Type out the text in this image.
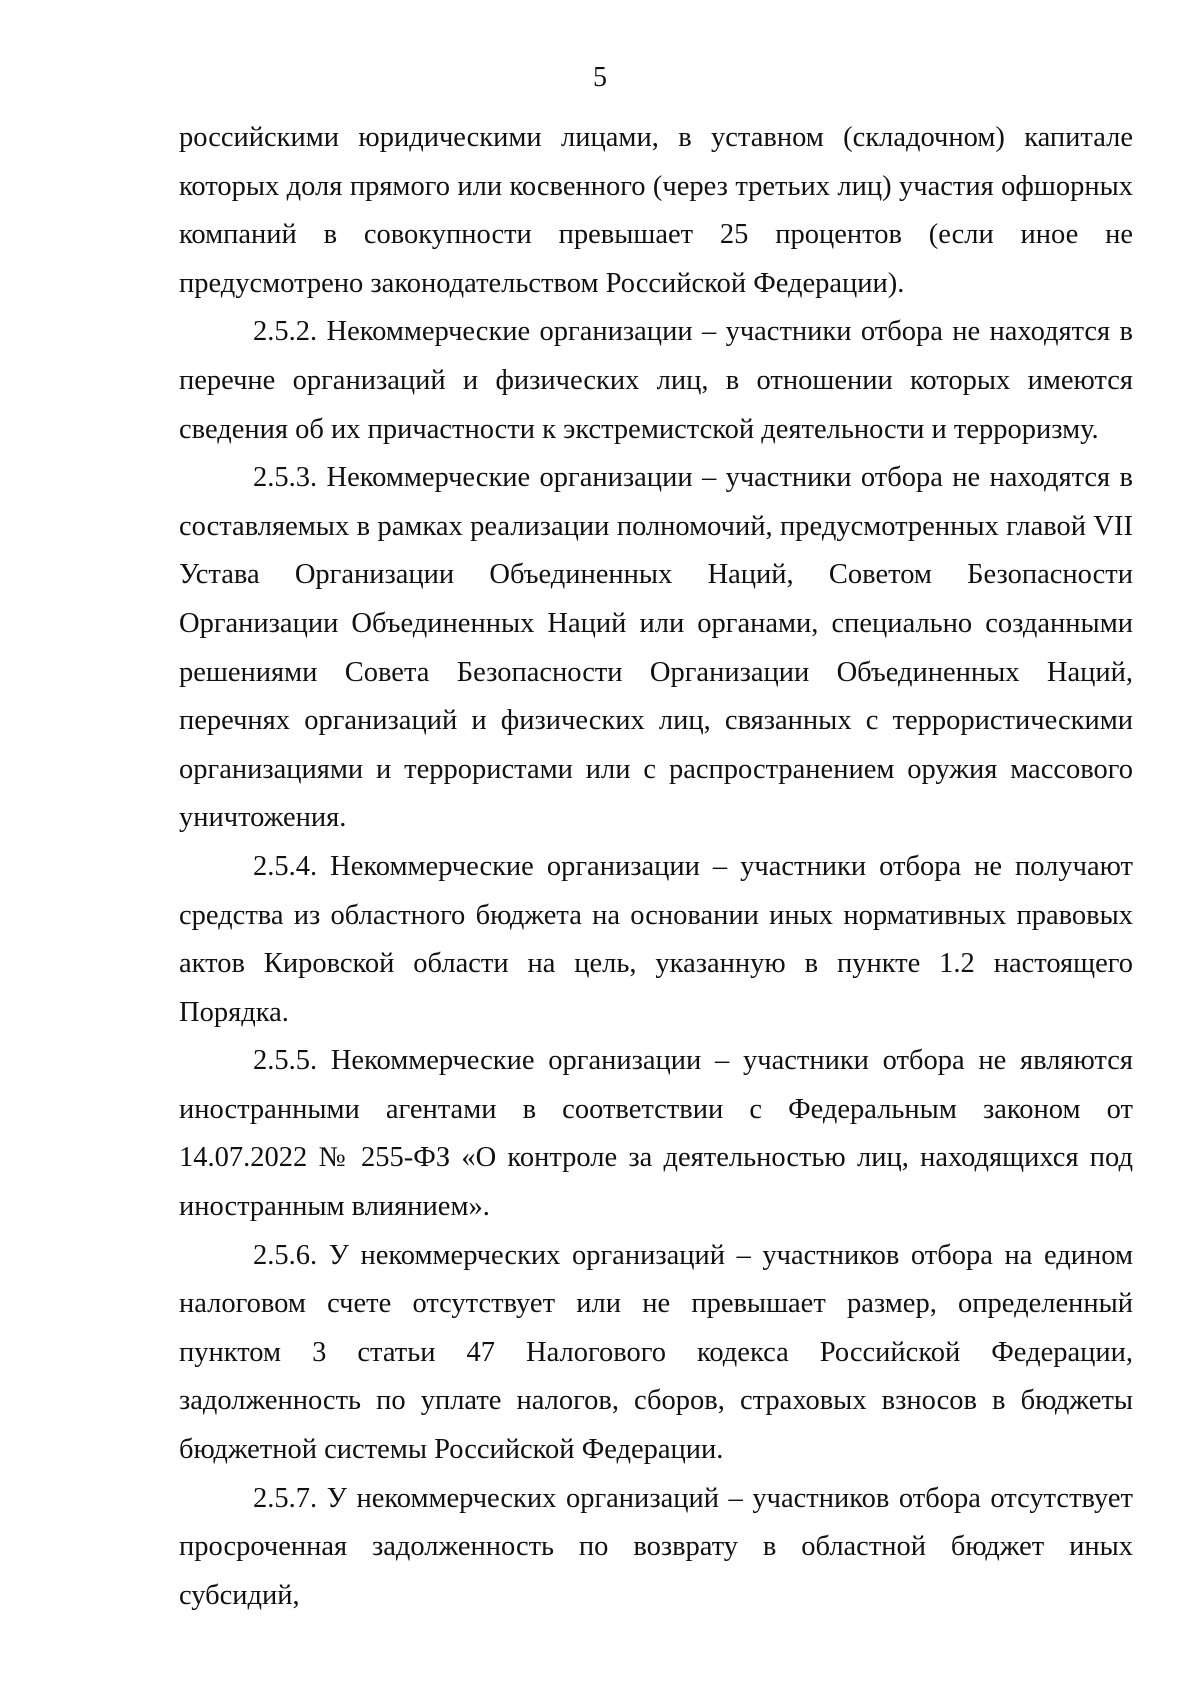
5

российскими юридическими лицами, в уставном (складочном) капитале которых доля прямого или косвенного (через третьих лиц) участия офшорных компаний в совокупности превышает 25 процентов (если иное не предусмотрено законодательством Российской Федерации).

2.5.2. Некоммерческие организации – участники отбора не находятся в перечне организаций и физических лиц, в отношении которых имеются сведения об их причастности к экстремистской деятельности и терроризму.

2.5.3. Некоммерческие организации – участники отбора не находятся в составляемых в рамках реализации полномочий, предусмотренных главой VII Устава Организации Объединенных Наций, Советом Безопасности Организации Объединенных Наций или органами, специально созданными решениями Совета Безопасности Организации Объединенных Наций, перечнях организаций и физических лиц, связанных с террористическими организациями и террористами или с распространением оружия массового уничтожения.

2.5.4. Некоммерческие организации – участники отбора не получают средства из областного бюджета на основании иных нормативных правовых актов Кировской области на цель, указанную в пункте 1.2 настоящего Порядка.

2.5.5. Некоммерческие организации – участники отбора не являются иностранными агентами в соответствии с Федеральным законом от 14.07.2022 № 255-ФЗ «О контроле за деятельностью лиц, находящихся под иностранным влиянием».

2.5.6. У некоммерческих организаций – участников отбора на едином налоговом счете отсутствует или не превышает размер, определенный пунктом 3 статьи 47 Налогового кодекса Российской Федерации, задолженность по уплате налогов, сборов, страховых взносов в бюджеты бюджетной системы Российской Федерации.

2.5.7. У некоммерческих организаций – участников отбора отсутствует просроченная задолженность по возврату в областной бюджет иных субсидий,
